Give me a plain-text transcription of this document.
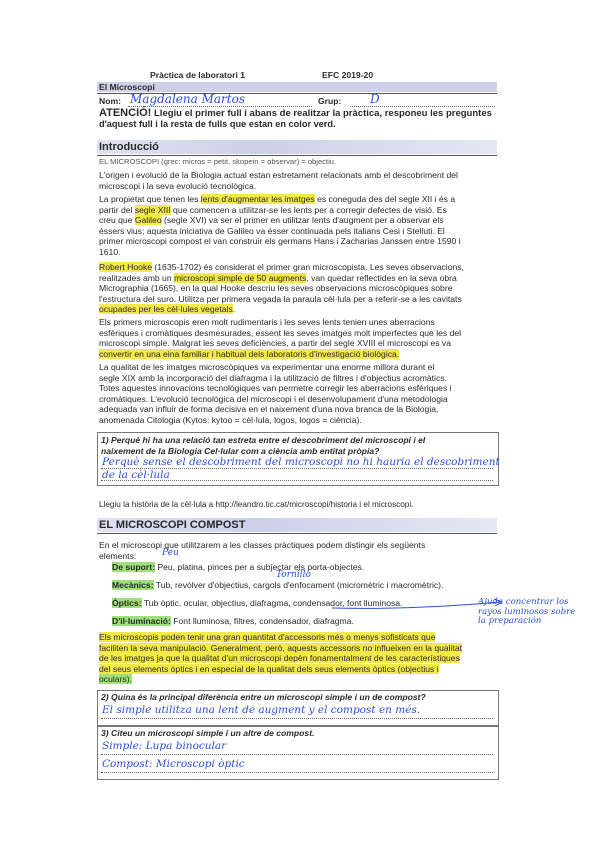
Pràctica de laboratori 1	EFC 2019-20
El Microscopi
Nom: Magdalena Martos	Grup: D
ATENCIÓ! Llegiu el primer full i abans de realitzar la pràctica, responeu les preguntes
d'aquest full i la resta de fulls que estan en color verd.
Introducció
EL MICROSCOPI (grec: micros = petit, skopein = observar) = objectiu.
L'origen i evolució de la Biologia actual estan estretament relacionats amb el descobriment del
microscopi i la seva evolució tecnològica.
La propietat que tenen les lents d'augmentar les imatges es coneguda des del segle XII i és a
partir del segle XIII que comencen a utilitzar-se les lents per a corregir defectes de visió. Es
creu que Galileo (segle XVI) va ser el primer en utilitzar lents d'augment per a observar els
éssers vius; aquesta iniciativa de Galileo va ésser continuada pels italians Cesi i Stelluti. El
primer microscopi compost el van construir els germans Hans i Zacharias Janssen entre 1590 i
1610.
Robert Hooke (1635-1702) és considerat el primer gran microscopista. Les seves observacions,
realitzades amb un microscopi simple de 50 augments, van quedar reflectides en la seva obra
Micrographia (1665), en la qual Hooke descriu les seves observacions microscòpiques sobre
l'estructura del suro. Utilitza per primera vegada la paraula cèl·lula per a referir-se a les cavitats
ocupades per les cèl·lules vegetals.
Els primers microscopis eren molt rudimentaris i les seves lents tenien unes aberracions
esfèriques i cromàtiques desmesurades, essent les seves imatges molt imperfectes que les del
microscopi simple. Malgrat les seves deficiències, a partir del segle XVIII el microscopi es va
convertir en una eina familiar i habitual dels laboratoris d'investigació biològica.
La qualitat de les imatges microscòpiques va experimentar una enorme millora durant el
segle XIX amb la incorporació del diafragma i la utilització de filtres i d'objectius acromàtics.
Totes aquestes innovacions tecnològiques van permetre corregir les aberracions esfèriques i
cromàtiques. L'evolució tecnològica del microscopi i el desenvolupament d'una metodologia
adequada van influir de forma decisiva en el naixement d'una nova branca de la Biologia,
anomenada Citologia (Kytos: kytoo = cèl·lula, logos, logos = ciència).
1) Perquè hi ha una relació tan estreta entre el descobriment del microscopi i el
naixement de la Biologia Cel·lular com a ciència amb entitat pròpia?
Perquè sense el descobriment del microscopi no hi hauria el descobriment
de la cèl·lula
Llegiu la història de la cèl·lula a http://leandro.tic.cat/microscopi/historia i el microscopi.
EL MICROSCOPI COMPOST
En el microscopi que utilitzarem a les classes pràctiques podem distingir els següents
elements:	Peu
Tornillo
De suport: Peu, platina, pinces per a subjectar els porta-objectes.
Mecànics: Tub, revòlver d'objectius, cargols d'enfocament (micromètric i macromètric).
Òptics: Tub òptic, ocular, objectius, diafragma, condensador, font lluminosa.
D'il·luminació: Font lluminosa, filtres, condensador, diafragma.
Ajuda concentrar los
rayos luminosos sobre
la preparación
Els microscopis poden tenir una gran quantitat d'accessoris més o menys sofisticats que
faciliten la seva manipulació. Generalment, però, aquests accessoris no influeixen en la qualitat
de les imatges ja que la qualitat d'un microscopi depèn fonamentalment de les característiques
del seus elements òptics i en especial de la qualitat dels seus elements òptics (objectius i
oculars).
2) Quina és la principal diferència entre un microscopi simple i un de compost?
El simple utilitza una lent de augment y el compost en més.
3) Citeu un microscopi simple i un altre de compost.
Simple: Lupa binocular
Compost: Microscopi òptic
